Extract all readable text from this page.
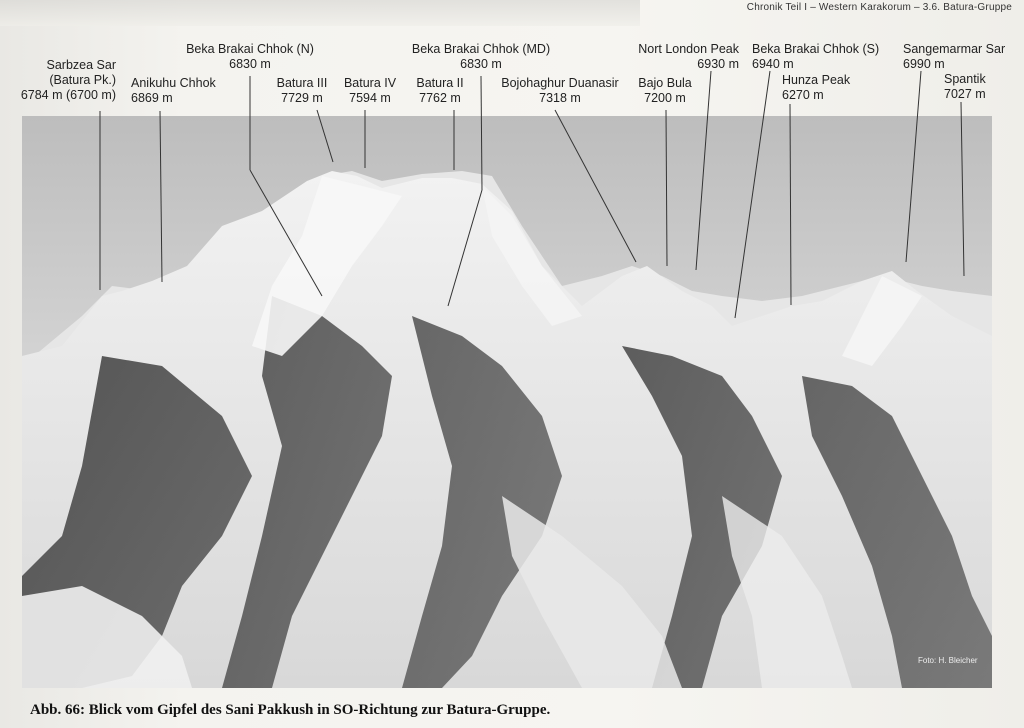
Chronik Teil I – Western Karakorum – 3.6. Batura-Gruppe
Sarbzea Sar
(Batura Pk.)
6784 m (6700 m)
Anikuhu Chhok
6869 m
Beka Brakai Chhok (N)
6830 m
Batura III
7729 m
Batura IV
7594 m
Batura II
7762 m
Beka Brakai Chhok (MD)
6830 m
Bojohaghur Duanasir
7318 m
Bajo Bula
7200 m
Nort London Peak
6930 m
Beka Brakai Chhok (S)
6940 m
Hunza Peak
6270 m
Sangemarmar Sar
6990 m
Spantik
7027 m
Foto: H. Bleicher
Abb. 66: Blick vom Gipfel des Sani Pakkush in SO-Richtung zur Batura-Gruppe.
